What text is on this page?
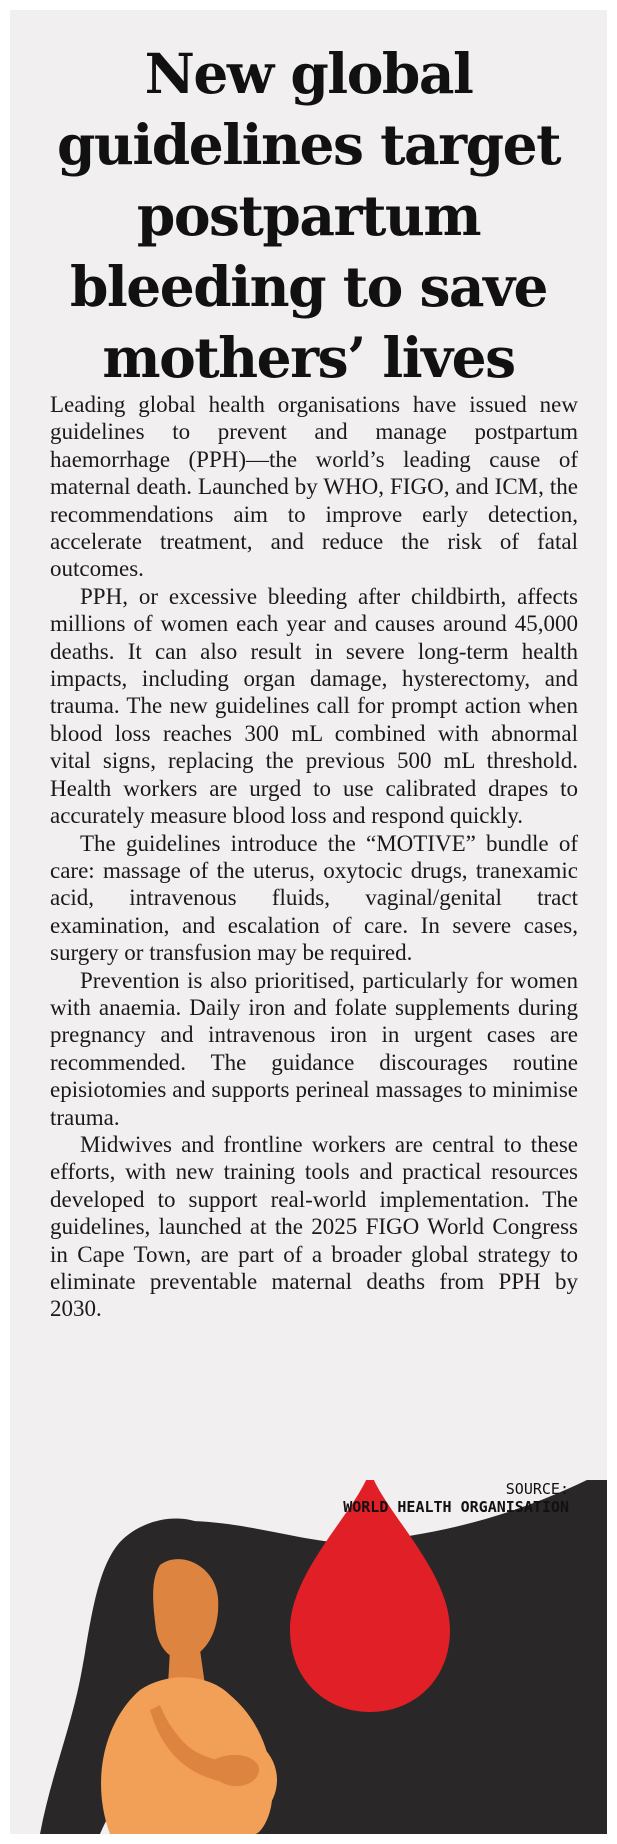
New global guidelines target postpartum bleeding to save mothers’ lives

Leading global health organisations have issued new guidelines to prevent and manage postpartum haemorrhage (PPH)—the world’s leading cause of maternal death. Launched by WHO, FIGO, and ICM, the recommendations aim to improve early detection, accelerate treatment, and reduce the risk of fatal outcomes.

PPH, or excessive bleeding after childbirth, affects millions of women each year and causes around 45,000 deaths. It can also result in severe long-term health impacts, including organ damage, hysterectomy, and trauma. The new guidelines call for prompt action when blood loss reaches 300 mL combined with abnormal vital signs, replacing the previous 500 mL threshold. Health workers are urged to use calibrated drapes to accurately measure blood loss and respond quickly.

The guidelines introduce the “MOTIVE” bundle of care: massage of the uterus, oxytocic drugs, tranexamic acid, intravenous fluids, vaginal/genital tract examination, and escalation of care. In severe cases, surgery or transfusion may be required.

Prevention is also prioritised, particularly for women with anaemia. Daily iron and folate supplements during pregnancy and intravenous iron in urgent cases are recommended. The guidance discourages routine episiotomies and supports perineal massages to minimise trauma.

Midwives and frontline workers are central to these efforts, with new training tools and practical resources developed to support real-world implementation. The guidelines, launched at the 2025 FIGO World Congress in Cape Town, are part of a broader global strategy to eliminate preventable maternal deaths from PPH by 2030.

SOURCE:
WORLD HEALTH ORGANISATION
